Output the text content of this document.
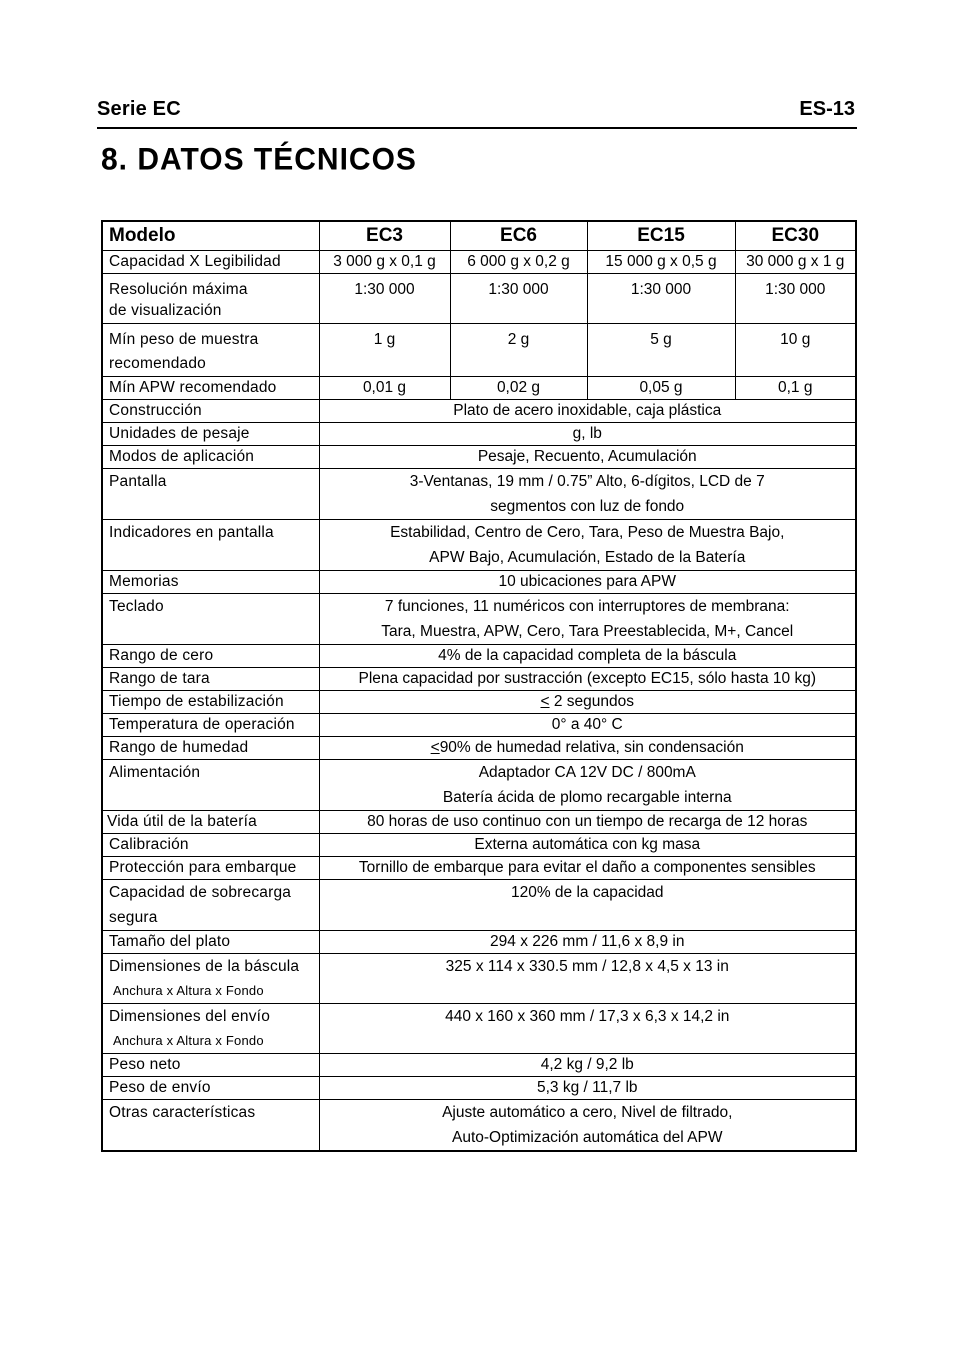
Serie EC	ES-13
8. DATOS TÉCNICOS
Modelo	EC3	EC6	EC15	EC30
Capacidad X Legibilidad	3 000 g x 0,1 g	6 000 g x 0,2 g	15 000 g x 0,5 g	30 000 g x 1 g

Resolución máxima
de visualización	1:30 000	1:30 000	1:30 000	1:30 000

Mín peso de muestra
recomendado	1 g	2 g	5 g	10 g
Mín APW recomendado	0,01 g	0,02 g	0,05 g	0,1 g
Construcción	Plato de acero inoxidable, caja plástica			
Unidades de pesaje	g, lb			
Modos de aplicación	Pesaje, Recuento, Acumulación			
Pantalla	3-Ventanas, 19 mm / 0.75” Alto, 6-dígitos, LCD de 7
segmentos con luz de fondo			

Indicadores en pantalla	Estabilidad, Centro de Cero, Tara, Peso de Muestra Bajo,
APW Bajo, Acumulación, Estado de la Batería			

Memorias	10 ubicaciones para APW			
Teclado	7 funciones, 11 numéricos con interruptores de membrana:
Tara, Muestra, APW, Cero, Tara Preestablecida, M+, Cancel			

Rango de cero	4% de la capacidad completa de la báscula			
Rango de tara	Plena capacidad por sustracción (excepto EC15, sólo hasta 10 kg)			
Tiempo de estabilización	< 2 segundos			
Temperatura de operación	0° a 40° C			
Rango de humedad	<90% de humedad relativa, sin condensación			
Alimentación	Adaptador CA 12V DC / 800mA
Batería ácida de plomo recargable interna			

Vida útil de la batería	80 horas de uso continuo con un tiempo de recarga de 12 horas			
Calibración	Externa automática con kg masa			
Protección para embarque	Tornillo de embarque para evitar el daño a componentes sensibles			

Capacidad de sobrecarga
segura	120% de la capacidad			
Tamaño del plato	294 x 226 mm / 11,6 x 8,9 in			

Dimensiones de la báscula
Anchura x Altura x Fondo	325 x 114 x 330.5 mm / 12,8 x 4,5 x 13 in			

Dimensiones del envío
Anchura x Altura x Fondo	440 x 160 x 360 mm / 17,3 x 6,3 x 14,2 in			
Peso neto	4,2 kg / 9,2 lb			
Peso de envío	5,3 kg / 11,7 lb			
Otras características	Ajuste automático a cero, Nivel de filtrado,
Auto-Optimización automática del APW			
